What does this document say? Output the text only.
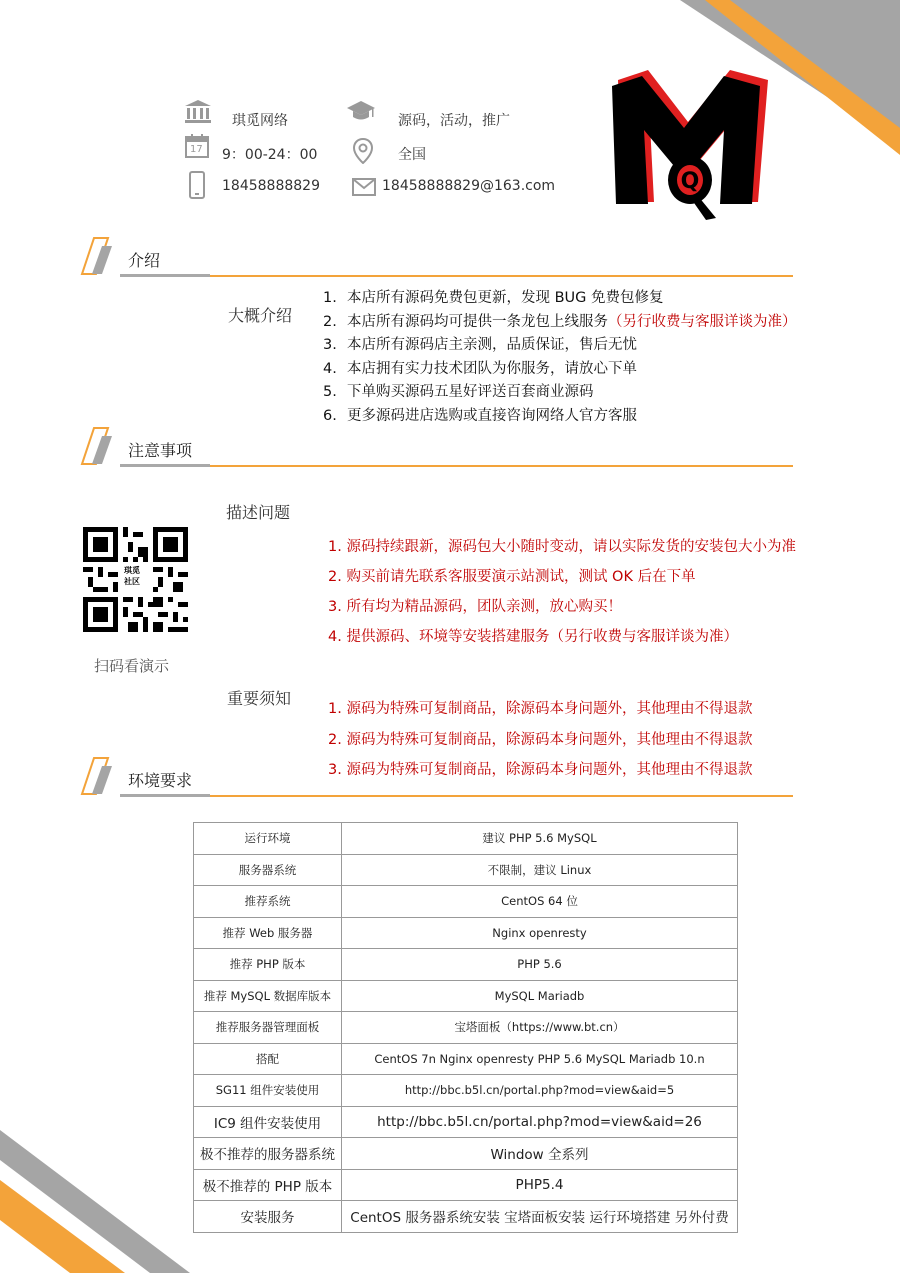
Q
琪觅网络	源码，活动，推广
17 9：00-24：00	全国
18458888829	18458888829@163.com
介绍
大概介绍
1. 本店所有源码免费包更新，发现 BUG 免费包修复
2. 本店所有源码均可提供一条龙包上线服务（另行收费与客服详谈为准）
3. 本店所有源码店主亲测，品质保证，售后无忧
4. 本店拥有实力技术团队为你服务，请放心下单
5. 下单购买源码五星好评送百套商业源码
6. 更多源码进店选购或直接咨询网络人官方客服
注意事项
描述问题
1. 源码持续跟新，源码包大小随时变动，请以实际发货的安装包大小为准
2. 购买前请先联系客服要演示站测试，测试 OK 后在下单
3. 所有均为精品源码，团队亲测，放心购买！
4. 提供源码、环境等安装搭建服务（另行收费与客服详谈为准）
琪觅
社区
扫码看演示
重要须知
1. 源码为特殊可复制商品，除源码本身问题外，其他理由不得退款
2. 源码为特殊可复制商品，除源码本身问题外，其他理由不得退款
3. 源码为特殊可复制商品，除源码本身问题外，其他理由不得退款
环境要求
运行环境	建议 PHP 5.6 MySQL
服务器系统	不限制，建议 Linux
推荐系统	CentOS 64 位
推荐 Web 服务器	Nginx openresty
推荐 PHP 版本	PHP 5.6
推荐 MySQL 数据库版本	MySQL Mariadb
推荐服务器管理面板	宝塔面板（https://www.bt.cn）
搭配	CentOS 7n Nginx openresty PHP 5.6 MySQL Mariadb 10.n
SG11 组件安装使用	http://bbc.b5l.cn/portal.php?mod=view&aid=5
IC9 组件安装使用	http://bbc.b5l.cn/portal.php?mod=view&aid=26
极不推荐的服务器系统	Window 全系列
极不推荐的 PHP 版本	PHP5.4
安装服务	CentOS 服务器系统安装 宝塔面板安装 运行环境搭建 另外付费
